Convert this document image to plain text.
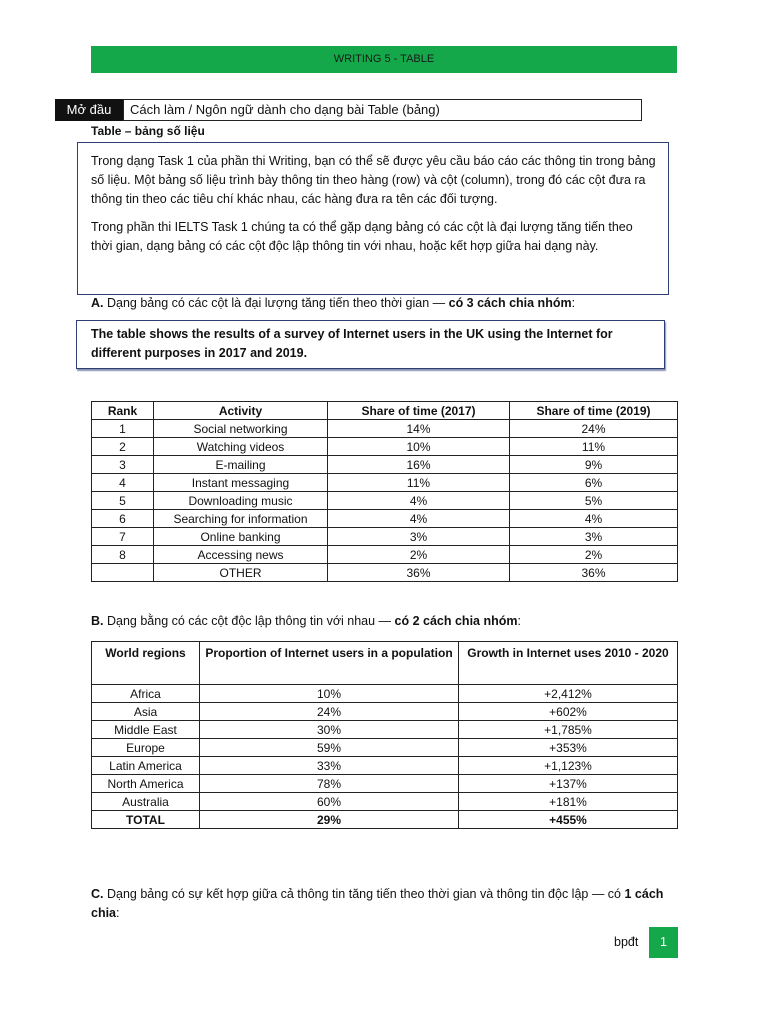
WRITING 5 - TABLE
Mở đầu	Cách làm / Ngôn ngữ dành cho dạng bài Table (bảng)
Table – bảng số liệu

Trong dạng Task 1 của phần thi Writing, bạn có thể sẽ được yêu cầu báo cáo các thông tin trong bảng số liệu. Một bảng số liệu trình bày thông tin theo hàng (row) và cột (column), trong đó các cột đưa ra thông tin theo các tiêu chí khác nhau, các hàng đưa ra tên các đối tượng.

Trong phần thi IELTS Task 1 chúng ta có thể gặp dạng bảng có các cột là đại lượng tăng tiến theo thời gian, dạng bảng có các cột độc lập thông tin với nhau, hoặc kết hợp giữa hai dạng này.

A. Dạng bảng có các cột là đại lượng tăng tiến theo thời gian — có 3 cách chia nhóm:
The table shows the results of a survey of Internet users in the UK using the Internet for different purposes in 2017 and 2019.
Rank	Activity	Share of time (2017)	Share of time (2019)
1	Social networking	14%	24%
2	Watching videos	10%	11%
3	E-mailing	16%	9%
4	Instant messaging	11%	6%
5	Downloading music	4%	5%
6	Searching for information	4%	4%
7	Online banking	3%	3%
8	Accessing news	2%	2%
	OTHER	36%	36%
B. Dạng bằng có các cột độc lập thông tin với nhau — có 2 cách chia nhóm:
World regions	Proportion of Internet users in a population	Growth in Internet uses 2010 - 2020
Africa	10%	+2,412%
Asia	24%	+602%
Middle East	30%	+1,785%
Europe	59%	+353%
Latin America	33%	+1,123%
North America	78%	+137%
Australia	60%	+181%
TOTAL	29%	+455%
C. Dạng bảng có sự kết hợp giữa cả thông tin tăng tiến theo thời gian và thông tin độc lập — có 1 cách chia:
bpđt	1
